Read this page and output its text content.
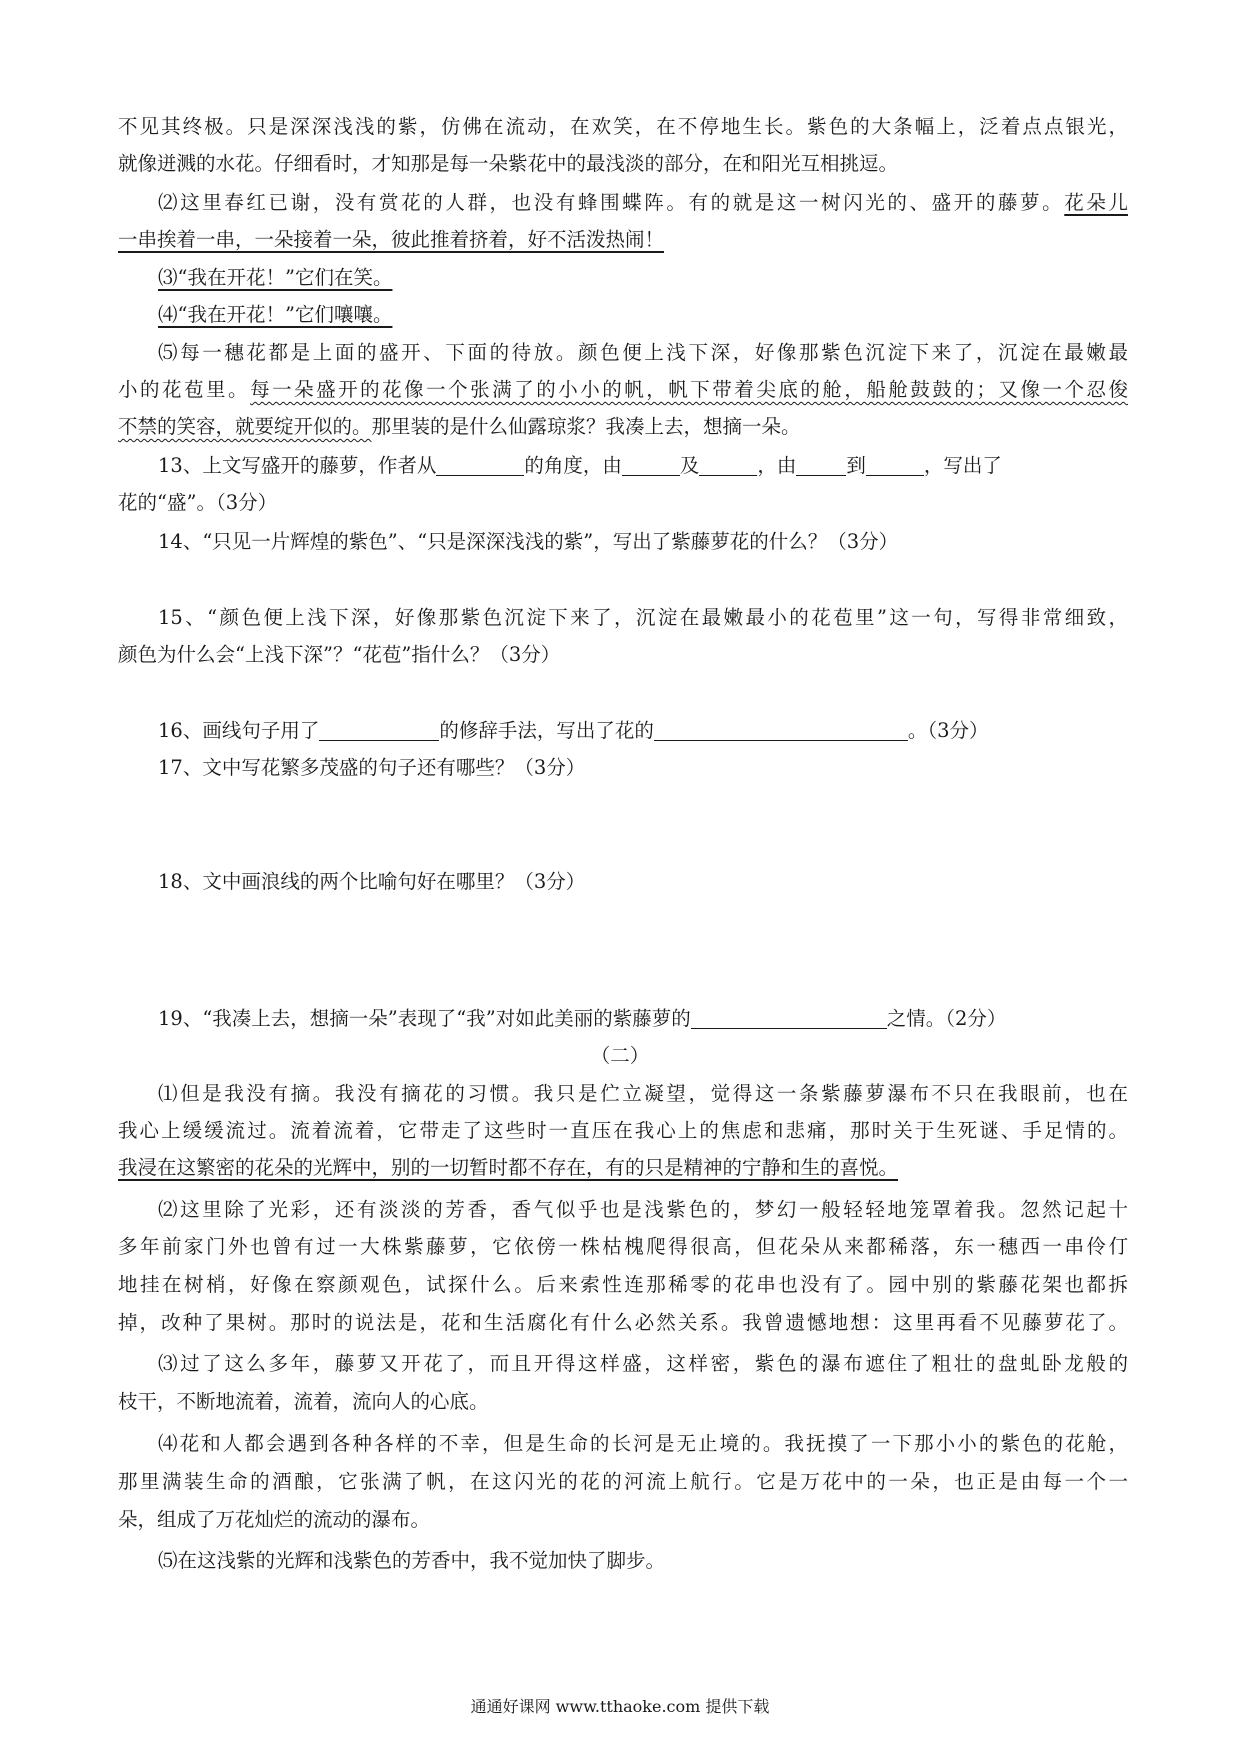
不见其终极。只是深深浅浅的紫，仿佛在流动，在欢笑，在不停地生长。紫色的大条幅上，泛着点点银光，
就像迸溅的水花。仔细看时，才知那是每一朵紫花中的最浅淡的部分，在和阳光互相挑逗。
⑵这里春红已谢，没有赏花的人群，也没有蜂围蝶阵。有的就是这一树闪光的、盛开的藤萝。花朵儿
一串挨着一串，一朵接着一朵，彼此推着挤着，好不活泼热闹！
⑶“我在开花！”它们在笑。
⑷“我在开花！”它们嚷嚷。
⑸每一穗花都是上面的盛开、下面的待放。颜色便上浅下深，好像那紫色沉淀下来了，沉淀在最嫩最
小的花苞里。每一朵盛开的花像一个张满了的小小的帆，帆下带着尖底的舱，船舱鼓鼓的；又像一个忍俊
不禁的笑容，就要绽开似的。那里装的是什么仙露琼浆？我凑上去，想摘一朵。
13、上文写盛开的藤萝，作者从	的角度，由	及	，由	到	，写出了
花的“盛”。（3分）
14、“只见一片辉煌的紫色”、“只是深深浅浅的紫”，写出了紫藤萝花的什么？（3分）
15、“颜色便上浅下深，好像那紫色沉淀下来了，沉淀在最嫩最小的花苞里”这一句，写得非常细致，
颜色为什么会“上浅下深”？“花苞”指什么？（3分）
16、画线句子用了	的修辞手法，写出了花的	。（3分）
17、文中写花繁多茂盛的句子还有哪些？（3分）
18、文中画浪线的两个比喻句好在哪里？（3分）
19、“我凑上去，想摘一朵”表现了“我”对如此美丽的紫藤萝的	之情。（2分）
（二）
⑴但是我没有摘。我没有摘花的习惯。我只是伫立凝望，觉得这一条紫藤萝瀑布不只在我眼前，也在
我心上缓缓流过。流着流着，它带走了这些时一直压在我心上的焦虑和悲痛，那时关于生死谜、手足情的。
我浸在这繁密的花朵的光辉中，别的一切暂时都不存在，有的只是精神的宁静和生的喜悦。
⑵这里除了光彩，还有淡淡的芳香，香气似乎也是浅紫色的，梦幻一般轻轻地笼罩着我。忽然记起十
多年前家门外也曾有过一大株紫藤萝，它依傍一株枯槐爬得很高，但花朵从来都稀落，东一穗西一串伶仃
地挂在树梢，好像在察颜观色，试探什么。后来索性连那稀零的花串也没有了。园中别的紫藤花架也都拆
掉，改种了果树。那时的说法是，花和生活腐化有什么必然关系。我曾遗憾地想：这里再看不见藤萝花了。
⑶过了这么多年，藤萝又开花了，而且开得这样盛，这样密，紫色的瀑布遮住了粗壮的盘虬卧龙般的
枝干，不断地流着，流着，流向人的心底。
⑷花和人都会遇到各种各样的不幸，但是生命的长河是无止境的。我抚摸了一下那小小的紫色的花舱，
那里满装生命的酒酿，它张满了帆，在这闪光的花的河流上航行。它是万花中的一朵，也正是由每一个一
朵，组成了万花灿烂的流动的瀑布。
⑸在这浅紫的光辉和浅紫色的芳香中，我不觉加快了脚步。
通通好课网 www.tthaoke.com 提供下载
